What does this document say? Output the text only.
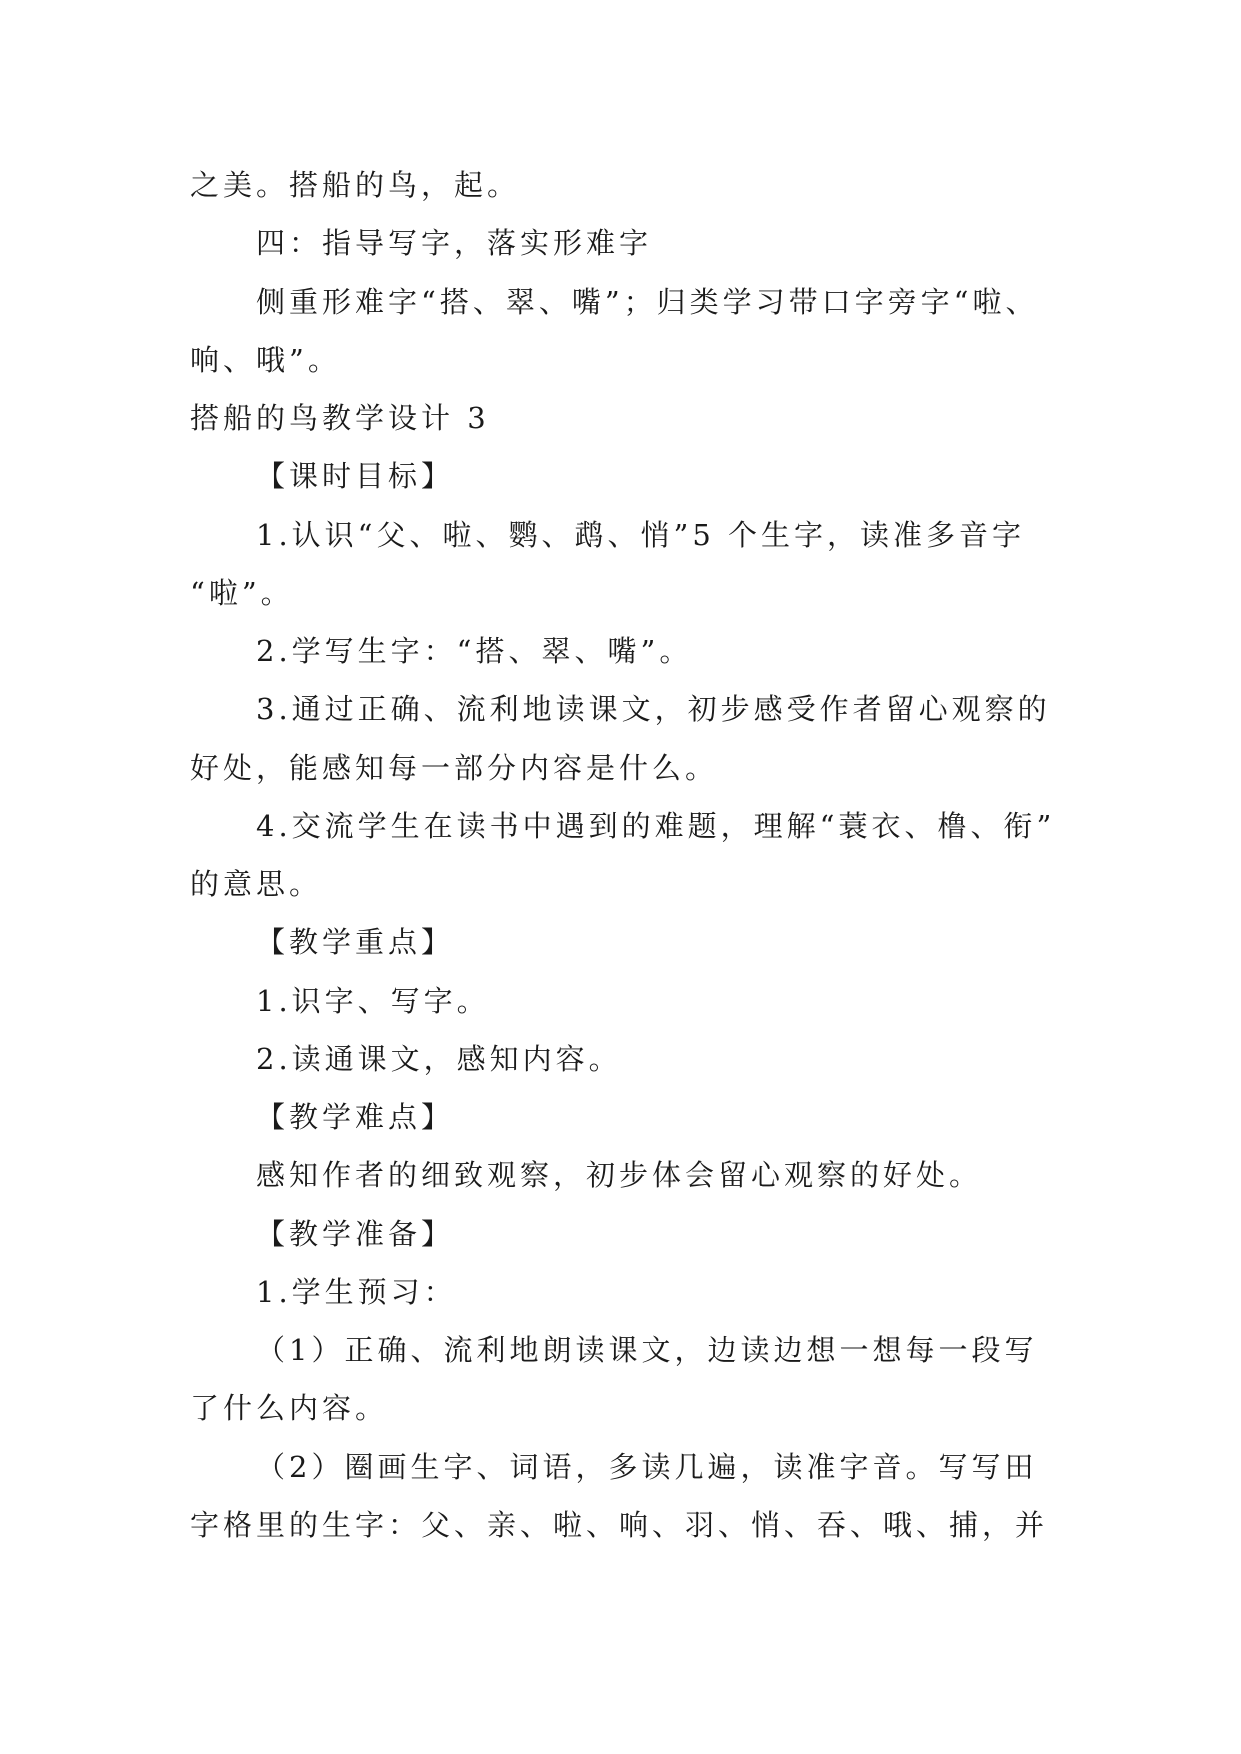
之美。搭船的鸟，起。
四：指导写字，落实形难字
侧重形难字“搭、翠、嘴”；归类学习带口字旁字“啦、
响、哦”。
搭船的鸟教学设计 3
【课时目标】
1.认识“父、啦、鹦、鹉、悄”5 个生字，读准多音字
“啦”。
2.学写生字：“搭、翠、嘴”。
3.通过正确、流利地读课文，初步感受作者留心观察的
好处，能感知每一部分内容是什么。
4.交流学生在读书中遇到的难题，理解“蓑衣、橹、衔”
的意思。
【教学重点】
1.识字、写字。
2.读通课文，感知内容。
【教学难点】
感知作者的细致观察，初步体会留心观察的好处。
【教学准备】
1.学生预习：
（1）正确、流利地朗读课文，边读边想一想每一段写
了什么内容。
（2）圈画生字、词语，多读几遍，读准字音。写写田
字格里的生字：父、亲、啦、响、羽、悄、吞、哦、捕，并
